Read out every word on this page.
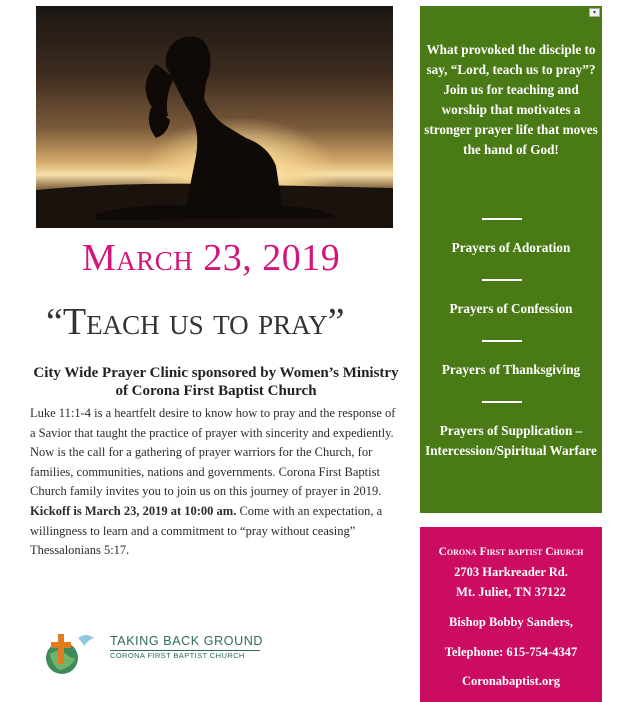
March 23, 2019
“Teach us to pray”

City Wide Prayer Clinic sponsored by Women’s Ministry of Corona First Baptist Church

Luke 11:1-4 is a heartfelt desire to know how to pray and the response of a Savior that taught the practice of prayer with sincerity and expediently. Now is the call for a gathering of prayer warriors for the Church, for families, communities, nations and governments. Corona First Baptist Church family invites you to join us on this journey of prayer in 2019. Kickoff is March 23, 2019 at 10:00 am. Come with an expectation, a willingness to learn and a commitment to “pray without ceasing” Thessalonians 5:17.

TAKING BACK GROUND

CORONA FIRST BAPTIST CHURCH

▾

What provoked the disciple to say, “Lord, teach us to pray”? Join us for teaching and worship that motivates a stronger prayer life that moves the hand of God!

Prayers of Adoration

Prayers of Confession

Prayers of Thanksgiving

Prayers of Supplication – Intercession/Spiritual Warfare

Corona First baptist Church

2703 Harkreader Rd.

Mt. Juliet, TN 37122

Bishop Bobby Sanders,

Telephone: 615-754-4347

Coronabaptist.org
